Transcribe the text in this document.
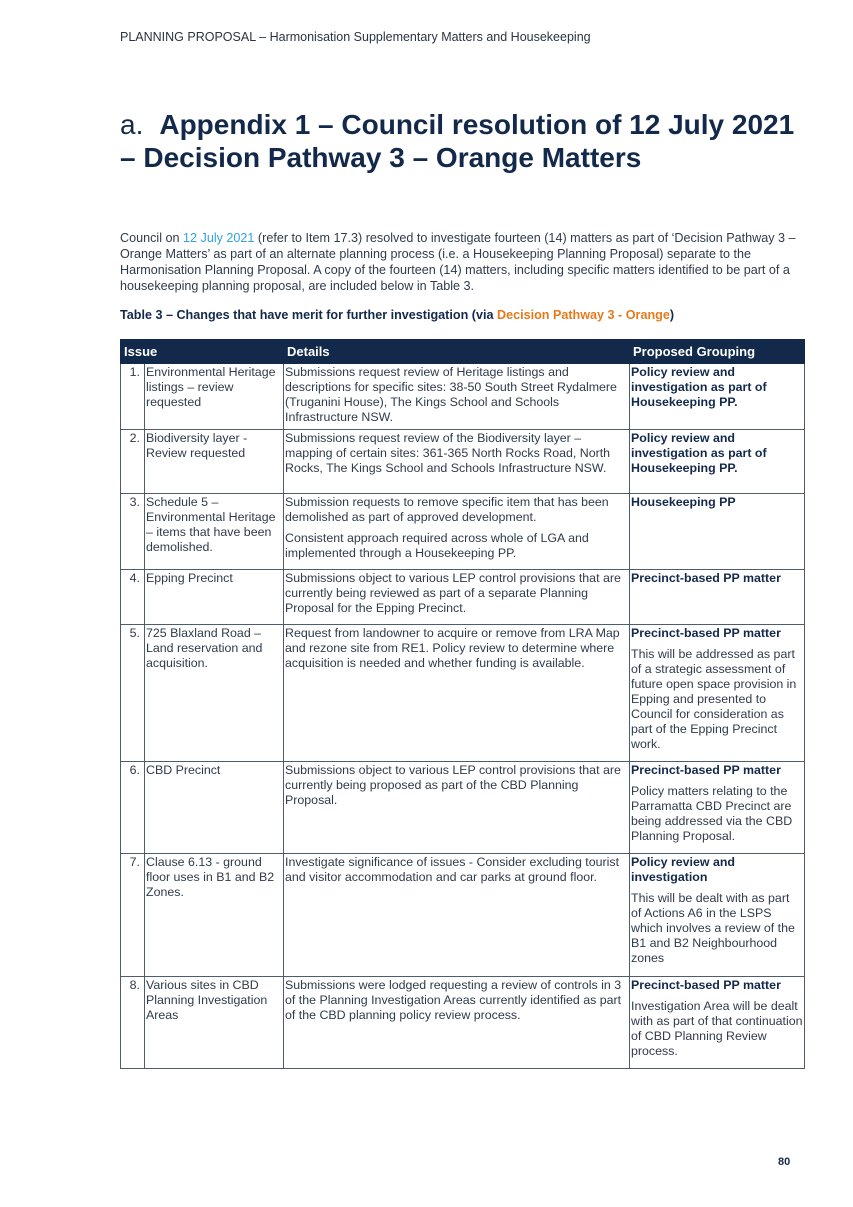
PLANNING PROPOSAL – Harmonisation Supplementary Matters and Housekeeping
a. Appendix 1 – Council resolution of 12 July 2021 – Decision Pathway 3 – Orange Matters
Council on 12 July 2021 (refer to Item 17.3) resolved to investigate fourteen (14) matters as part of ‘Decision Pathway 3 – Orange Matters’ as part of an alternate planning process (i.e. a Housekeeping Planning Proposal) separate to the Harmonisation Planning Proposal. A copy of the fourteen (14) matters, including specific matters identified to be part of a housekeeping planning proposal, are included below in Table 3.
Table 3 – Changes that have merit for further investigation (via Decision Pathway 3 - Orange)
Issue		Details	Proposed Grouping
1.	Environmental Heritage listings – review requested	Submissions request review of Heritage listings and descriptions for specific sites: 38-50 South Street Rydalmere (Truganini House), The Kings School and Schools Infrastructure NSW.	Policy review and investigation as part of Housekeeping PP.

2.	Biodiversity layer - Review requested	Submissions request review of the Biodiversity layer – mapping of certain sites: 361-365 North Rocks Road, North Rocks, The Kings School and Schools Infrastructure NSW.	Policy review and investigation as part of Housekeeping PP.

3.	Schedule 5 – Environmental Heritage – items that have been demolished.	Submission requests to remove specific item that has been demolished as part of approved development.
Consistent approach required across whole of LGA and implemented through a Housekeeping PP.	Housekeeping PP

4.	Epping Precinct	Submissions object to various LEP control provisions that are currently being reviewed as part of a separate Planning Proposal for the Epping Precinct.	Precinct-based PP matter

5.	725 Blaxland Road – Land reservation and acquisition.	Request from landowner to acquire or remove from LRA Map and rezone site from RE1. Policy review to determine where acquisition is needed and whether funding is available.	Precinct-based PP matter
This will be addressed as part of a strategic assessment of future open space provision in Epping and presented to Council for consideration as part of the Epping Precinct work.

6.	CBD Precinct	Submissions object to various LEP control provisions that are currently being proposed as part of the CBD Planning Proposal.	Precinct-based PP matter
Policy matters relating to the Parramatta CBD Precinct are being addressed via the CBD Planning Proposal.

7.	Clause 6.13 - ground floor uses in B1 and B2 Zones.	Investigate significance of issues - Consider excluding tourist and visitor accommodation and car parks at ground floor.	Policy review and investigation
This will be dealt with as part of Actions A6 in the LSPS which involves a review of the B1 and B2 Neighbourhood zones

8.	Various sites in CBD Planning Investigation Areas	Submissions were lodged requesting a review of controls in 3 of the Planning Investigation Areas currently identified as part of the CBD planning policy review process.	Precinct-based PP matter
Investigation Area will be dealt with as part of that continuation of CBD Planning Review process.
80
